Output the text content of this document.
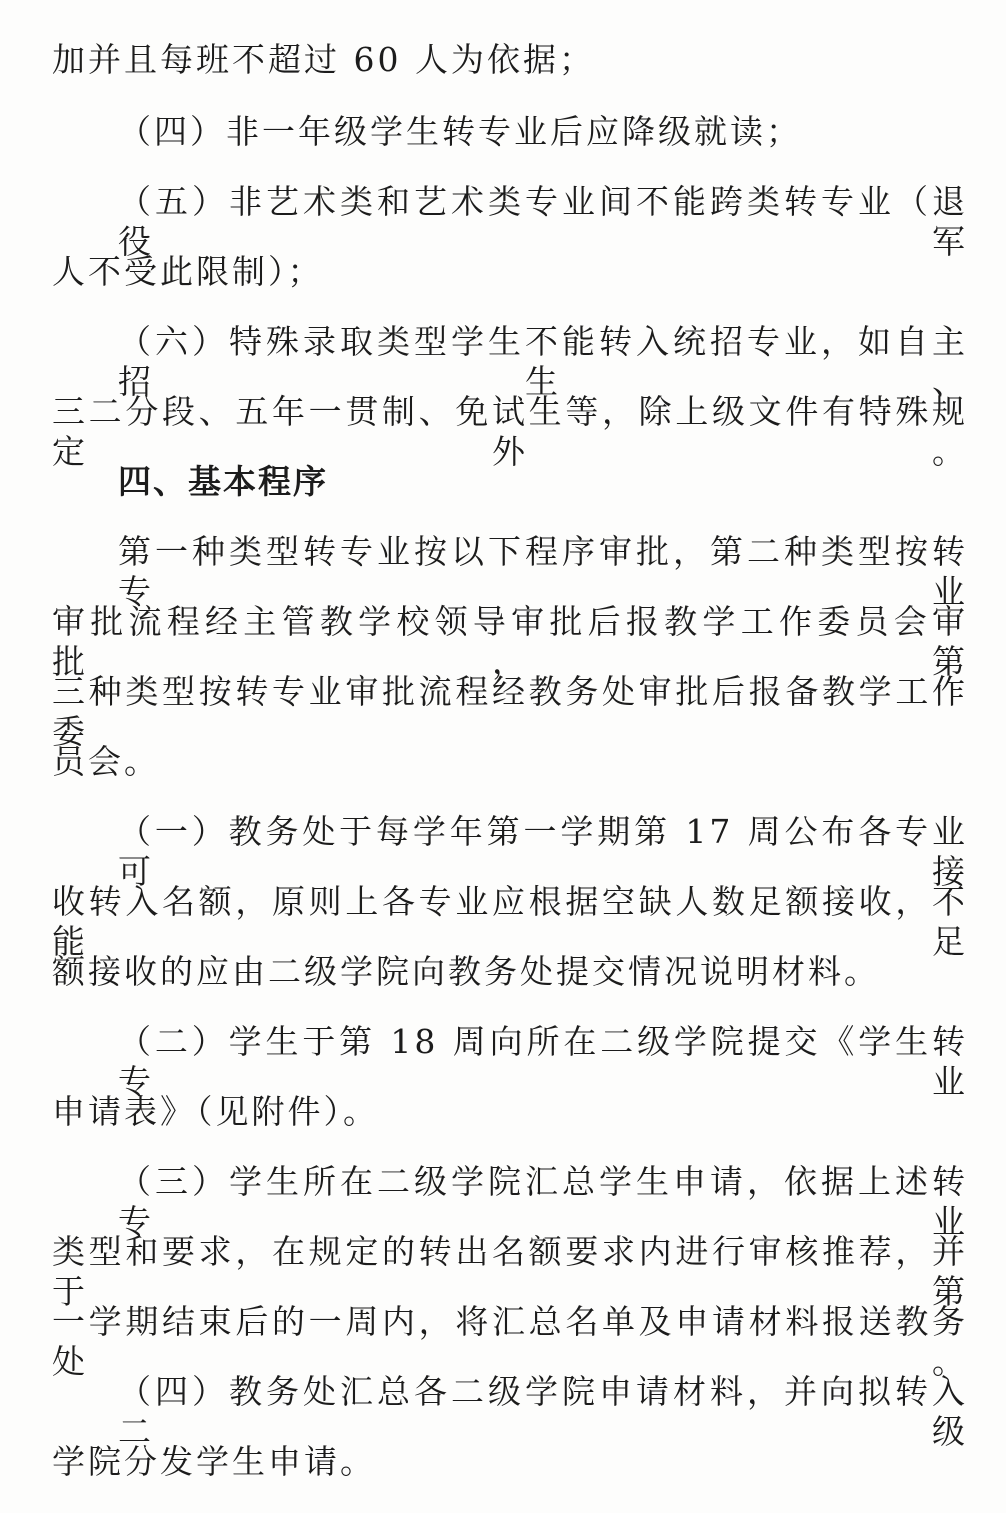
加并且每班不超过 60 人为依据；
（四）非一年级学生转专业后应降级就读；
（五）非艺术类和艺术类专业间不能跨类转专业（退役军
人不受此限制）；
（六）特殊录取类型学生不能转入统招专业，如自主招生、
三二分段、五年一贯制、免试生等，除上级文件有特殊规定外。
四、基本程序
第一种类型转专业按以下程序审批，第二种类型按转专业
审批流程经主管教学校领导审批后报教学工作委员会审批，第
三种类型按转专业审批流程经教务处审批后报备教学工作委
员会。
（一）教务处于每学年第一学期第 17 周公布各专业可接
收转入名额，原则上各专业应根据空缺人数足额接收，不能足
额接收的应由二级学院向教务处提交情况说明材料。
（二）学生于第 18 周向所在二级学院提交《学生转专业
申请表》（见附件）。
（三）学生所在二级学院汇总学生申请，依据上述转专业
类型和要求，在规定的转出名额要求内进行审核推荐，并于第
一学期结束后的一周内，将汇总名单及申请材料报送教务处。
（四）教务处汇总各二级学院申请材料，并向拟转入二级
学院分发学生申请。
